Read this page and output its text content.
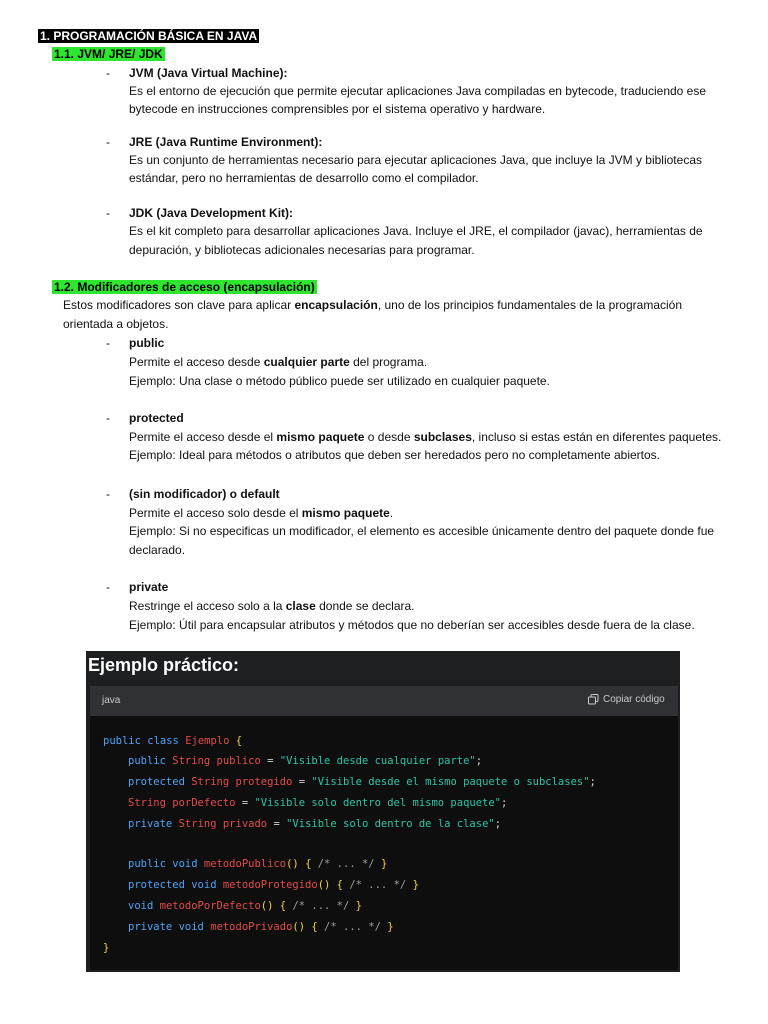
1. PROGRAMACIÓN BÁSICA EN JAVA
1.1. JVM/ JRE/ JDK
- JVM (Java Virtual Machine):
Es el entorno de ejecución que permite ejecutar aplicaciones Java compiladas en bytecode, traduciendo ese
bytecode en instrucciones comprensibles por el sistema operativo y hardware.
- JRE (Java Runtime Environment):
Es un conjunto de herramientas necesario para ejecutar aplicaciones Java, que incluye la JVM y bibliotecas
estándar, pero no herramientas de desarrollo como el compilador.
- JDK (Java Development Kit):
Es el kit completo para desarrollar aplicaciones Java. Incluye el JRE, el compilador (javac), herramientas de
depuración, y bibliotecas adicionales necesarias para programar.
1.2. Modificadores de acceso (encapsulación)
Estos modificadores son clave para aplicar encapsulación, uno de los principios fundamentales de la programación
orientada a objetos.
- public
Permite el acceso desde cualquier parte del programa.
Ejemplo: Una clase o método público puede ser utilizado en cualquier paquete.
- protected
Permite el acceso desde el mismo paquete o desde subclases, incluso si estas están en diferentes paquetes.
Ejemplo: Ideal para métodos o atributos que deben ser heredados pero no completamente abiertos.
- (sin modificador) o default
Permite el acceso solo desde el mismo paquete.
Ejemplo: Si no especificas un modificador, el elemento es accesible únicamente dentro del paquete donde fue
declarado.
- private
Restringe el acceso solo a la clase donde se declara.
Ejemplo: Útil para encapsular atributos y métodos que no deberían ser accesibles desde fuera de la clase.
Ejemplo práctico:
java	Copiar código
public class Ejemplo {
public String publico = "Visible desde cualquier parte";
protected String protegido = "Visible desde el mismo paquete o subclases";
String porDefecto = "Visible solo dentro del mismo paquete";
private String privado = "Visible solo dentro de la clase";
public void metodoPublico() { /* ... */ }
protected void metodoProtegido() { /* ... */ }
void metodoPorDefecto() { /* ... */ }
private void metodoPrivado() { /* ... */ }
}
